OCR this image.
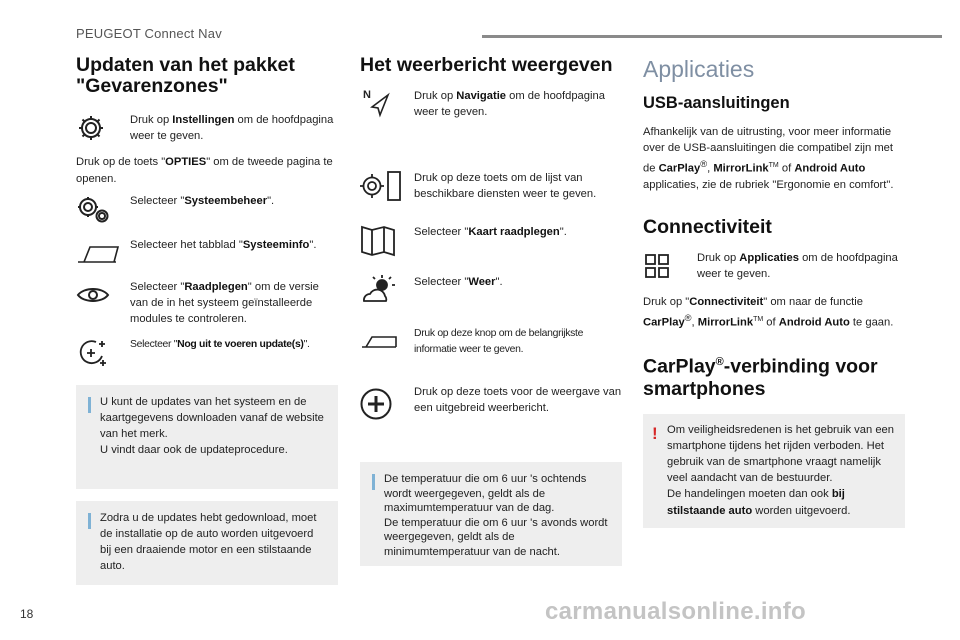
PEUGEOT Connect Nav
Updaten van het pakket "Gevarenzones"
Druk op Instellingen om de hoofdpagina weer te geven.
Druk op de toets "OPTIES" om de tweede pagina te openen.
Selecteer "Systeembeheer".
Selecteer het tabblad "Systeeminfo".
Selecteer "Raadplegen" om de versie van de in het systeem geïnstalleerde modules te controleren.
Selecteer "Nog uit te voeren update(s)".
U kunt de updates van het systeem en de kaartgegevens downloaden vanaf de website van het merk.
U vindt daar ook de updateprocedure.
Zodra u de updates hebt gedownload, moet de installatie op de auto worden uitgevoerd bij een draaiende motor en een stilstaande auto.
Het weerbericht weergeven
N	Druk op Navigatie om de hoofdpagina weer te geven.
Druk op deze toets om de lijst van beschikbare diensten weer te geven.
Selecteer "Kaart raadplegen".
Selecteer "Weer".
Druk op deze knop om de belangrijkste informatie weer te geven.
Druk op deze toets voor de weergave van een uitgebreid weerbericht.
De temperatuur die om 6 uur 's ochtends wordt weergegeven, geldt als de maximumtemperatuur van de dag.
De temperatuur die om 6 uur 's avonds wordt weergegeven, geldt als de minimumtemperatuur van de nacht.
Applicaties
USB-aansluitingen
Afhankelijk van de uitrusting, voor meer informatie over de USB-aansluitingen die compatibel zijn met de CarPlay®, MirrorLink™ of Android Auto applicaties, zie de rubriek "Ergonomie en comfort".
Connectiviteit
Druk op Applicaties om de hoofdpagina weer te geven.
Druk op "Connectiviteit" om naar de functie CarPlay®, MirrorLink™ of Android Auto te gaan.
CarPlay®-verbinding voor smartphones
! Om veiligheidsredenen is het gebruik van een smartphone tijdens het rijden verboden. Het gebruik van de smartphone vraagt namelijk veel aandacht van de bestuurder.
De handelingen moeten dan ook bij stilstaande auto worden uitgevoerd.
18	carmanualsonline.info
